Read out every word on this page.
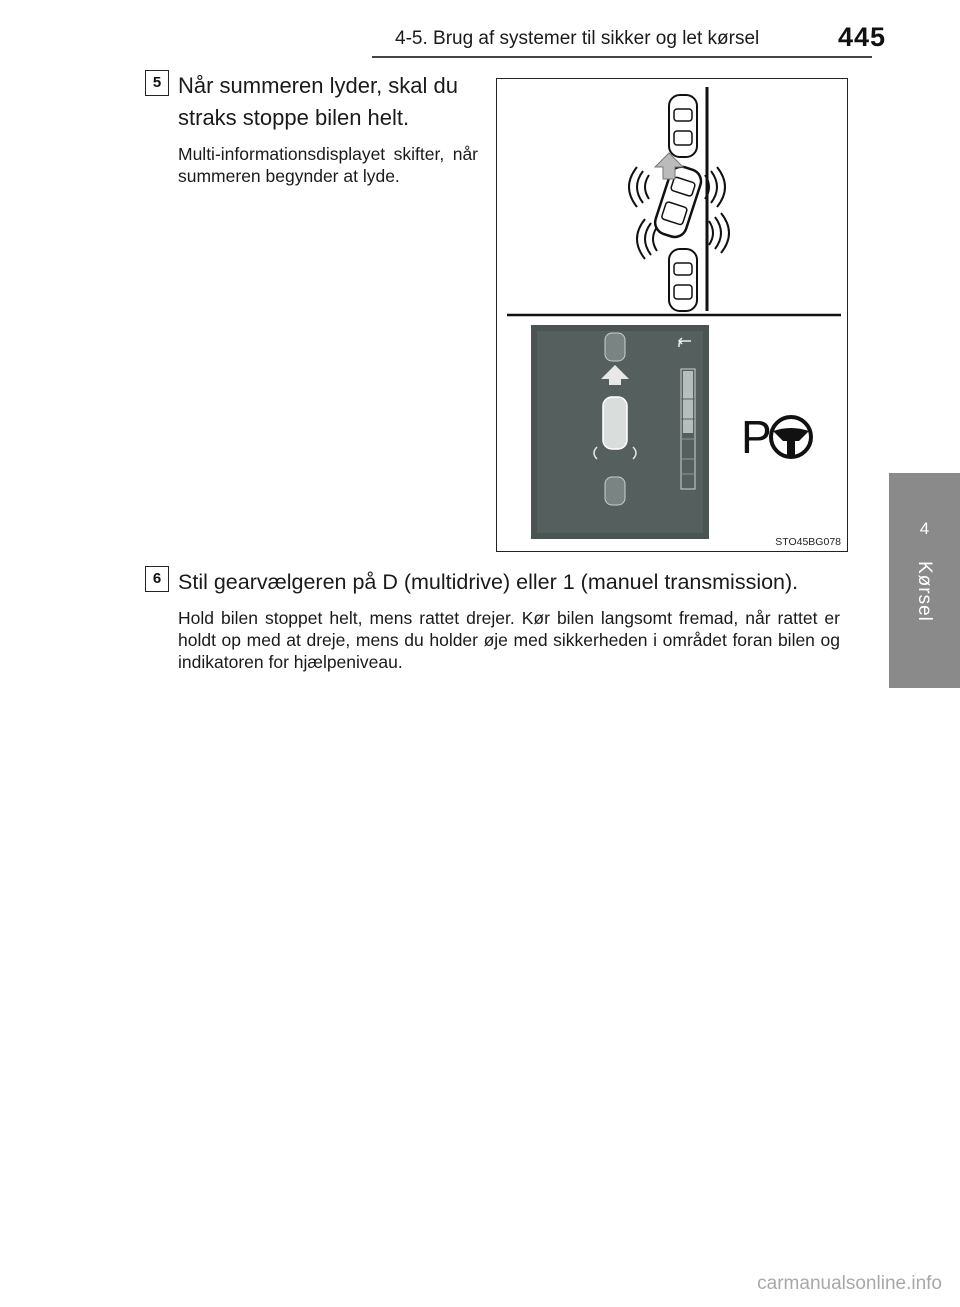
4-5. Brug af systemer til sikker og let kørsel	445
4
Kørsel
5 Når summeren lyder, skal du straks stoppe bilen helt.
Multi-informationsdisplayet skifter, når summeren begynder at lyde.
P
STO45BG078
6 Stil gearvælgeren på D (multidrive) eller 1 (manuel transmission).
Hold bilen stoppet helt, mens rattet drejer. Kør bilen langsomt fremad, når rattet er holdt op med at dreje, mens du holder øje med sikkerheden i området foran bilen og indikatoren for hjælpeniveau.
carmanualsonline.info
